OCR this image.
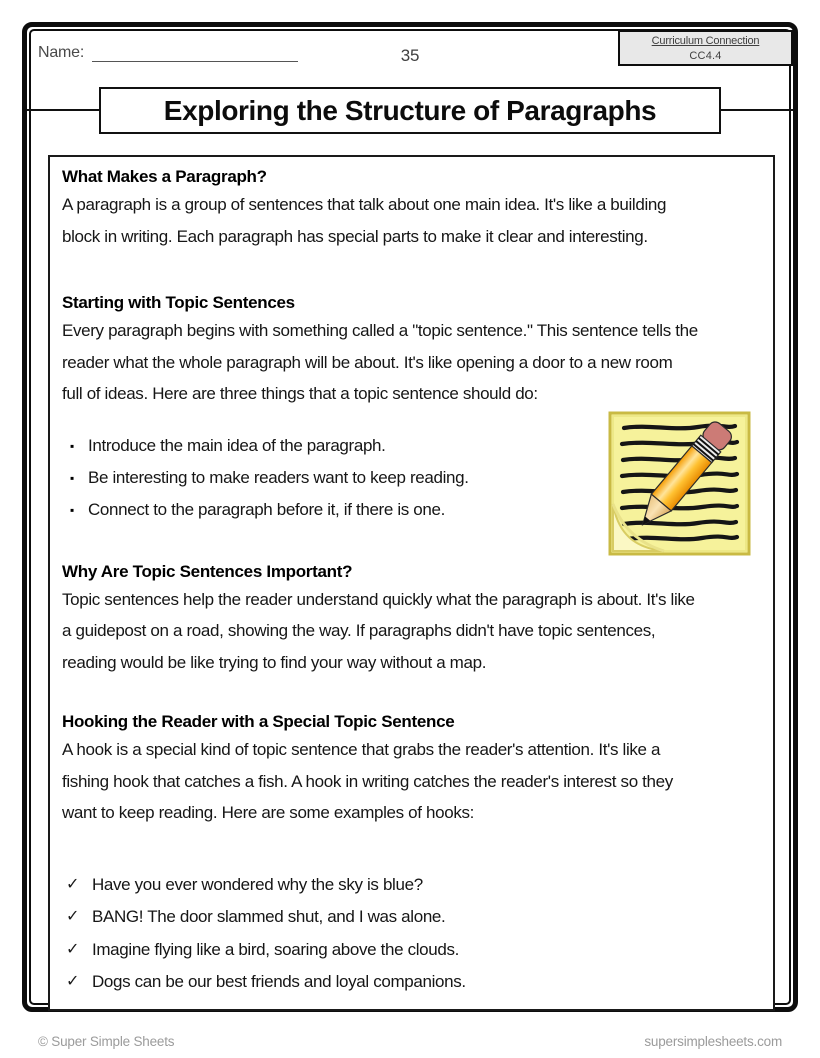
Name:	35
Curriculum Connection
CC4.4
Exploring the Structure of Paragraphs
What Makes a Paragraph?
A paragraph is a group of sentences that talk about one main idea. It's like a building
block in writing. Each paragraph has special parts to make it clear and interesting.
Starting with Topic Sentences
Every paragraph begins with something called a "topic sentence." This sentence tells the
reader what the whole paragraph will be about. It's like opening a door to a new room
full of ideas. Here are three things that a topic sentence should do:
▪ Introduce the main idea of the paragraph.
▪ Be interesting to make readers want to keep reading.
▪ Connect to the paragraph before it, if there is one.
Why Are Topic Sentences Important?
Topic sentences help the reader understand quickly what the paragraph is about. It's like
a guidepost on a road, showing the way. If paragraphs didn't have topic sentences,
reading would be like trying to find your way without a map.
Hooking the Reader with a Special Topic Sentence
A hook is a special kind of topic sentence that grabs the reader's attention. It's like a
fishing hook that catches a fish. A hook in writing catches the reader's interest so they
want to keep reading. Here are some examples of hooks:
✓ Have you ever wondered why the sky is blue?
✓ BANG! The door slammed shut, and I was alone.
✓ Imagine flying like a bird, soaring above the clouds.
✓ Dogs can be our best friends and loyal companions.
© Super Simple Sheets	supersimplesheets.com
